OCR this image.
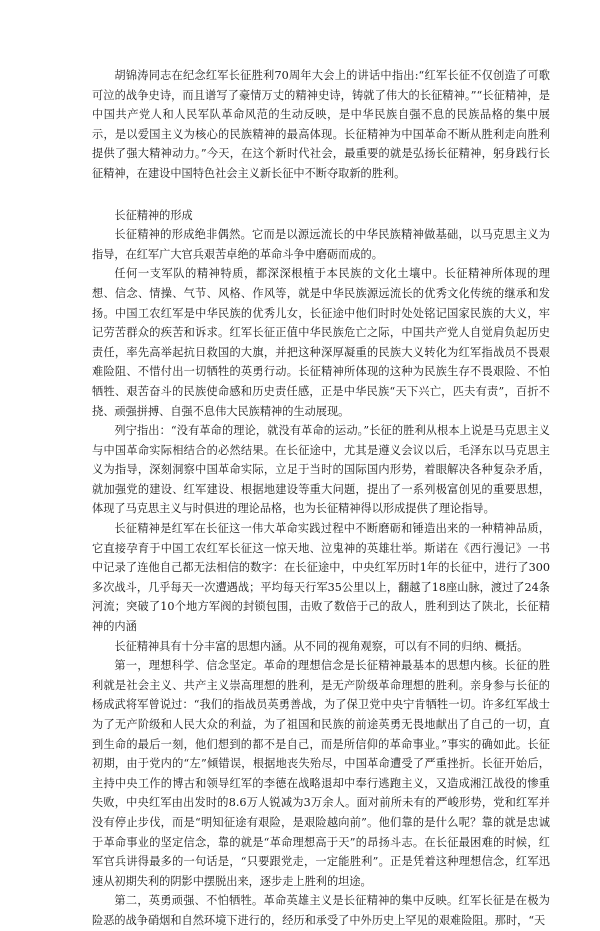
胡锦涛同志在纪念红军长征胜利70周年大会上的讲话中指出:“红军长征不仅创造了可歌可泣的战争史诗，而且谱写了豪情万丈的精神史诗，铸就了伟大的长征精神。”“长征精神，是中国共产党人和人民军队革命风范的生动反映，是中华民族自强不息的民族品格的集中展示，是以爱国主义为核心的民族精神的最高体现。长征精神为中国革命不断从胜利走向胜利提供了强大精神动力。”今天，在这个新时代社会，最重要的就是弘扬长征精神，躬身践行长征精神，在建设中国特色社会主义新长征中不断夺取新的胜利。

长征精神的形成

长征精神的形成绝非偶然。它而是以源远流长的中华民族精神做基础，以马克思主义为指导，在红军广大官兵艰苦卓绝的革命斗争中磨砺而成的。

任何一支军队的精神特质，都深深根植于本民族的文化土壤中。长征精神所体现的理想、信念、情操、气节、风格、作风等，就是中华民族源远流长的优秀文化传统的继承和发扬。中国工农红军是中华民族的优秀儿女，长征途中他们时时处处铭记国家民族的大义，牢记劳苦群众的疾苦和诉求。红军长征正值中华民族危亡之际，中国共产党人自觉肩负起历史责任，率先高举起抗日救国的大旗，并把这种深厚凝重的民族大义转化为红军指战员不畏艰难险阻、不惜付出一切牺牲的英勇行动。长征精神所体现的这种为民族生存不畏艰险、不怕牺牲、艰苦奋斗的民族使命感和历史责任感，正是中华民族“天下兴亡，匹夫有责”，百折不挠、顽强拼搏、自强不息伟大民族精神的生动展现。

列宁指出：“没有革命的理论，就没有革命的运动。”长征的胜利从根本上说是马克思主义与中国革命实际相结合的必然结果。在长征途中，尤其是遵义会议以后，毛泽东以马克思主义为指导，深刻洞察中国革命实际，立足于当时的国际国内形势，着眼解决各种复杂矛盾，就加强党的建设、红军建设、根据地建设等重大问题，提出了一系列极富创见的重要思想，体现了马克思主义与时俱进的理论品格，也为长征精神得以形成提供了理论指导。

长征精神是红军在长征这一伟大革命实践过程中不断磨砺和锤造出来的一种精神品质，它直接孕育于中国工农红军长征这一惊天地、泣鬼神的英雄壮举。斯诺在《西行漫记》一书中记录了连他自己都无法相信的数字：在长征途中，中央红军历时1年的长征中，进行了300多次战斗，几乎每天一次遭遇战；平均每天行军35公里以上，翻越了18座山脉，渡过了24条河流；突破了10个地方军阀的封锁包围，击败了数倍于己的敌人，胜利到达了陕北，长征精神的内涵

长征精神具有十分丰富的思想内涵。从不同的视角观察，可以有不同的归纳、概括。

第一，理想科学、信念坚定。革命的理想信念是长征精神最基本的思想内核。长征的胜利就是社会主义、共产主义崇高理想的胜利，是无产阶级革命理想的胜利。亲身参与长征的杨成武将军曾说过：“我们的指战员英勇善战，为了保卫党中央宁肯牺牲一切。许多红军战士为了无产阶级和人民大众的利益，为了祖国和民族的前途英勇无畏地献出了自己的一切，直到生命的最后一刻，他们想到的都不是自己，而是所信仰的革命事业。”事实的确如此。长征初期，由于党内的“左”倾错误，根据地丧失殆尽，中国革命遭受了严重挫折。长征开始后，主持中央工作的博古和领导红军的李德在战略退却中奉行逃跑主义，又造成湘江战役的惨重失败，中央红军由出发时的8.6万人锐减为3万余人。面对前所未有的严峻形势，党和红军并没有停止步伐，而是“明知征途有艰险，是艰险越向前”。他们靠的是什么呢？靠的就是忠诚于革命事业的坚定信念，靠的就是“革命理想高于天”的昂扬斗志。在长征最困难的时候，红军官兵讲得最多的一句话是，“只要跟党走，一定能胜利”。正是凭着这种理想信念，红军迅速从初期失利的阴影中摆脱出来，逐步走上胜利的坦途。

第二，英勇顽强、不怕牺牲。革命英雄主义是长征精神的集中反映。红军长征是在极为险恶的战争硝烟和自然环境下进行的，经历和承受了中外历史上罕见的艰难险阻。那时，“天
